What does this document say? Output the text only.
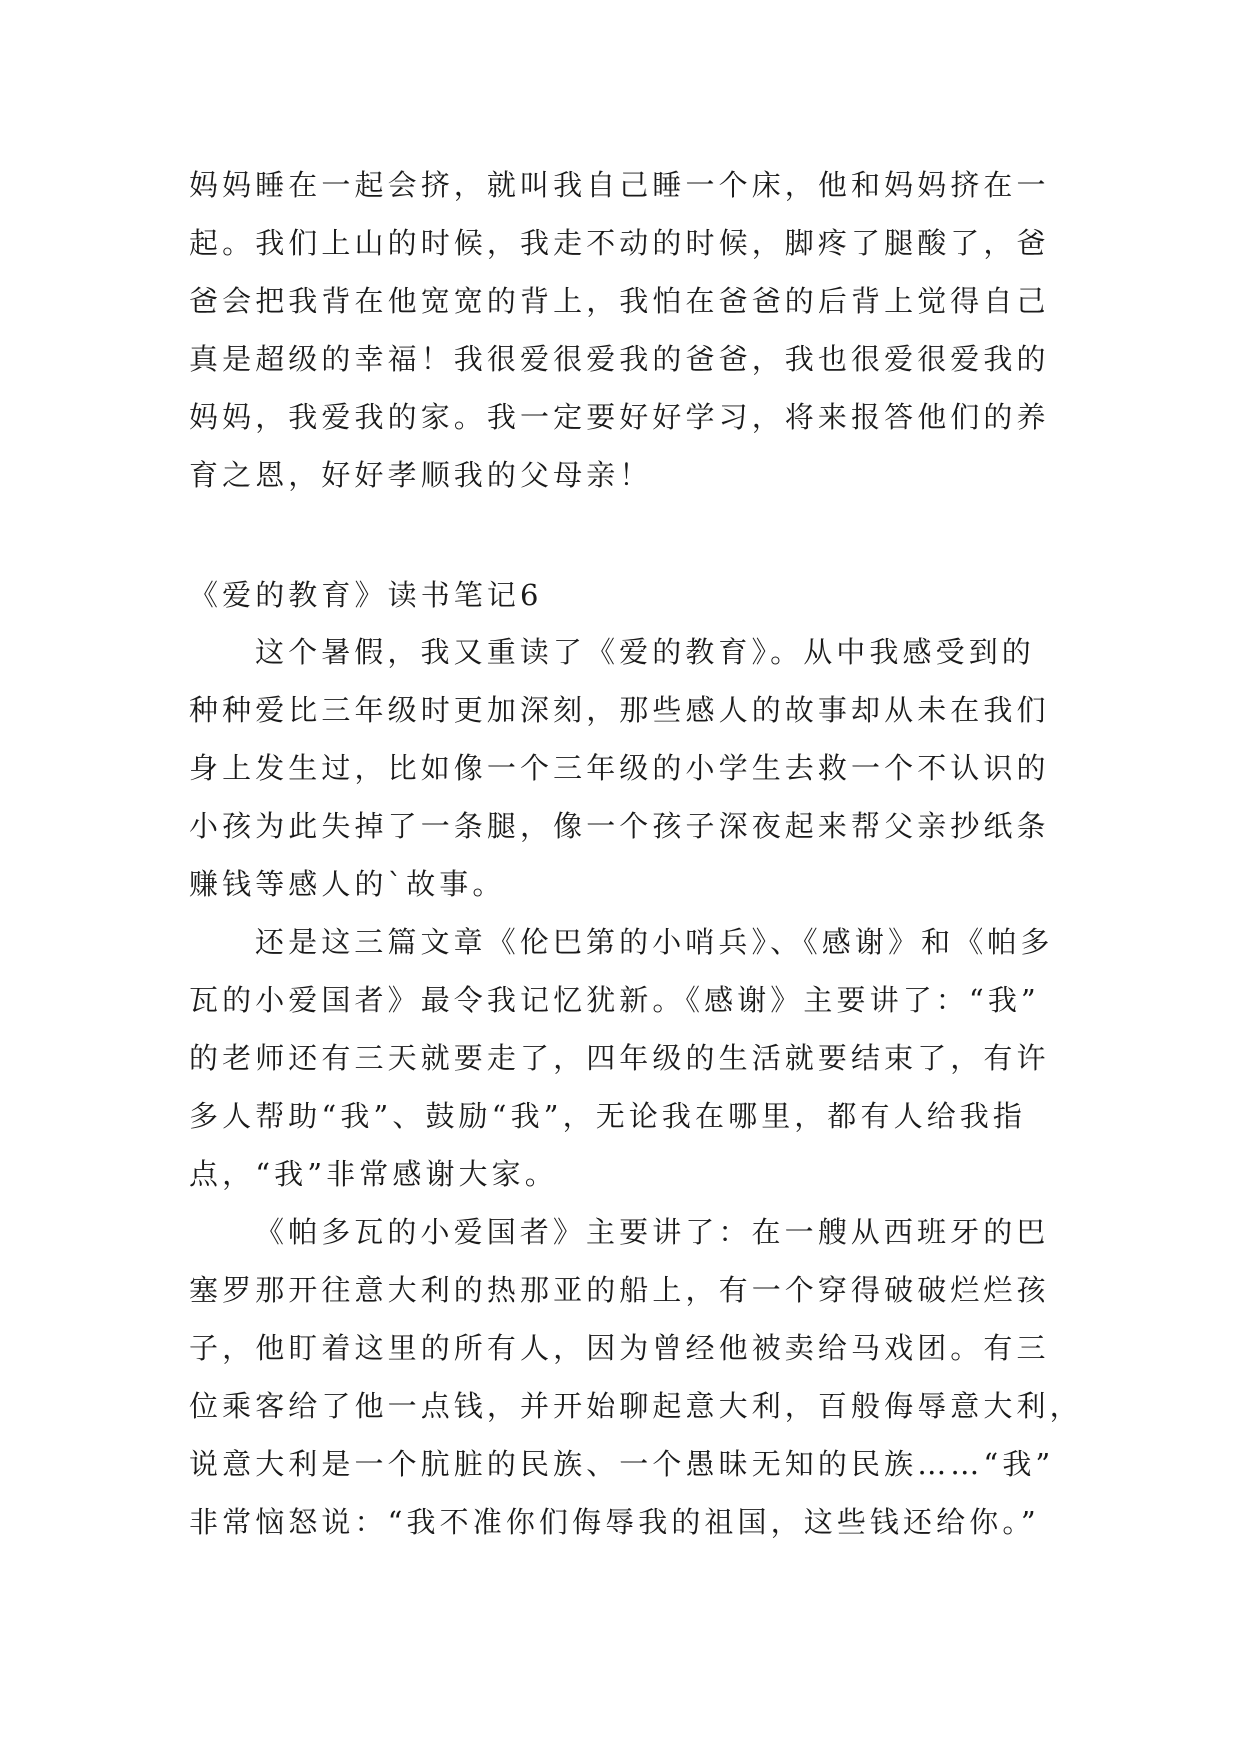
妈妈睡在一起会挤，就叫我自己睡一个床，他和妈妈挤在一
起。我们上山的时候，我走不动的时候，脚疼了腿酸了，爸
爸会把我背在他宽宽的背上，我怕在爸爸的后背上觉得自己
真是超级的幸福！我很爱很爱我的爸爸，我也很爱很爱我的
妈妈，我爱我的家。我一定要好好学习，将来报答他们的养
育之恩，好好孝顺我的父母亲！
《爱的教育》读书笔记6
这个暑假，我又重读了《爱的教育》。从中我感受到的
种种爱比三年级时更加深刻，那些感人的故事却从未在我们
身上发生过，比如像一个三年级的小学生去救一个不认识的
小孩为此失掉了一条腿，像一个孩子深夜起来帮父亲抄纸条
赚钱等感人的`故事。
还是这三篇文章《伦巴第的小哨兵》、《感谢》和《帕多
瓦的小爱国者》最令我记忆犹新。《感谢》主要讲了：“我”
的老师还有三天就要走了，四年级的生活就要结束了，有许
多人帮助“我”、鼓励“我”，无论我在哪里，都有人给我指
点，“我”非常感谢大家。
《帕多瓦的小爱国者》主要讲了：在一艘从西班牙的巴
塞罗那开往意大利的热那亚的船上，有一个穿得破破烂烂孩
子，他盯着这里的所有人，因为曾经他被卖给马戏团。有三
位乘客给了他一点钱，并开始聊起意大利，百般侮辱意大利，
说意大利是一个肮脏的民族、一个愚昧无知的民族……“我”
非常恼怒说：“我不准你们侮辱我的祖国，这些钱还给你。”
